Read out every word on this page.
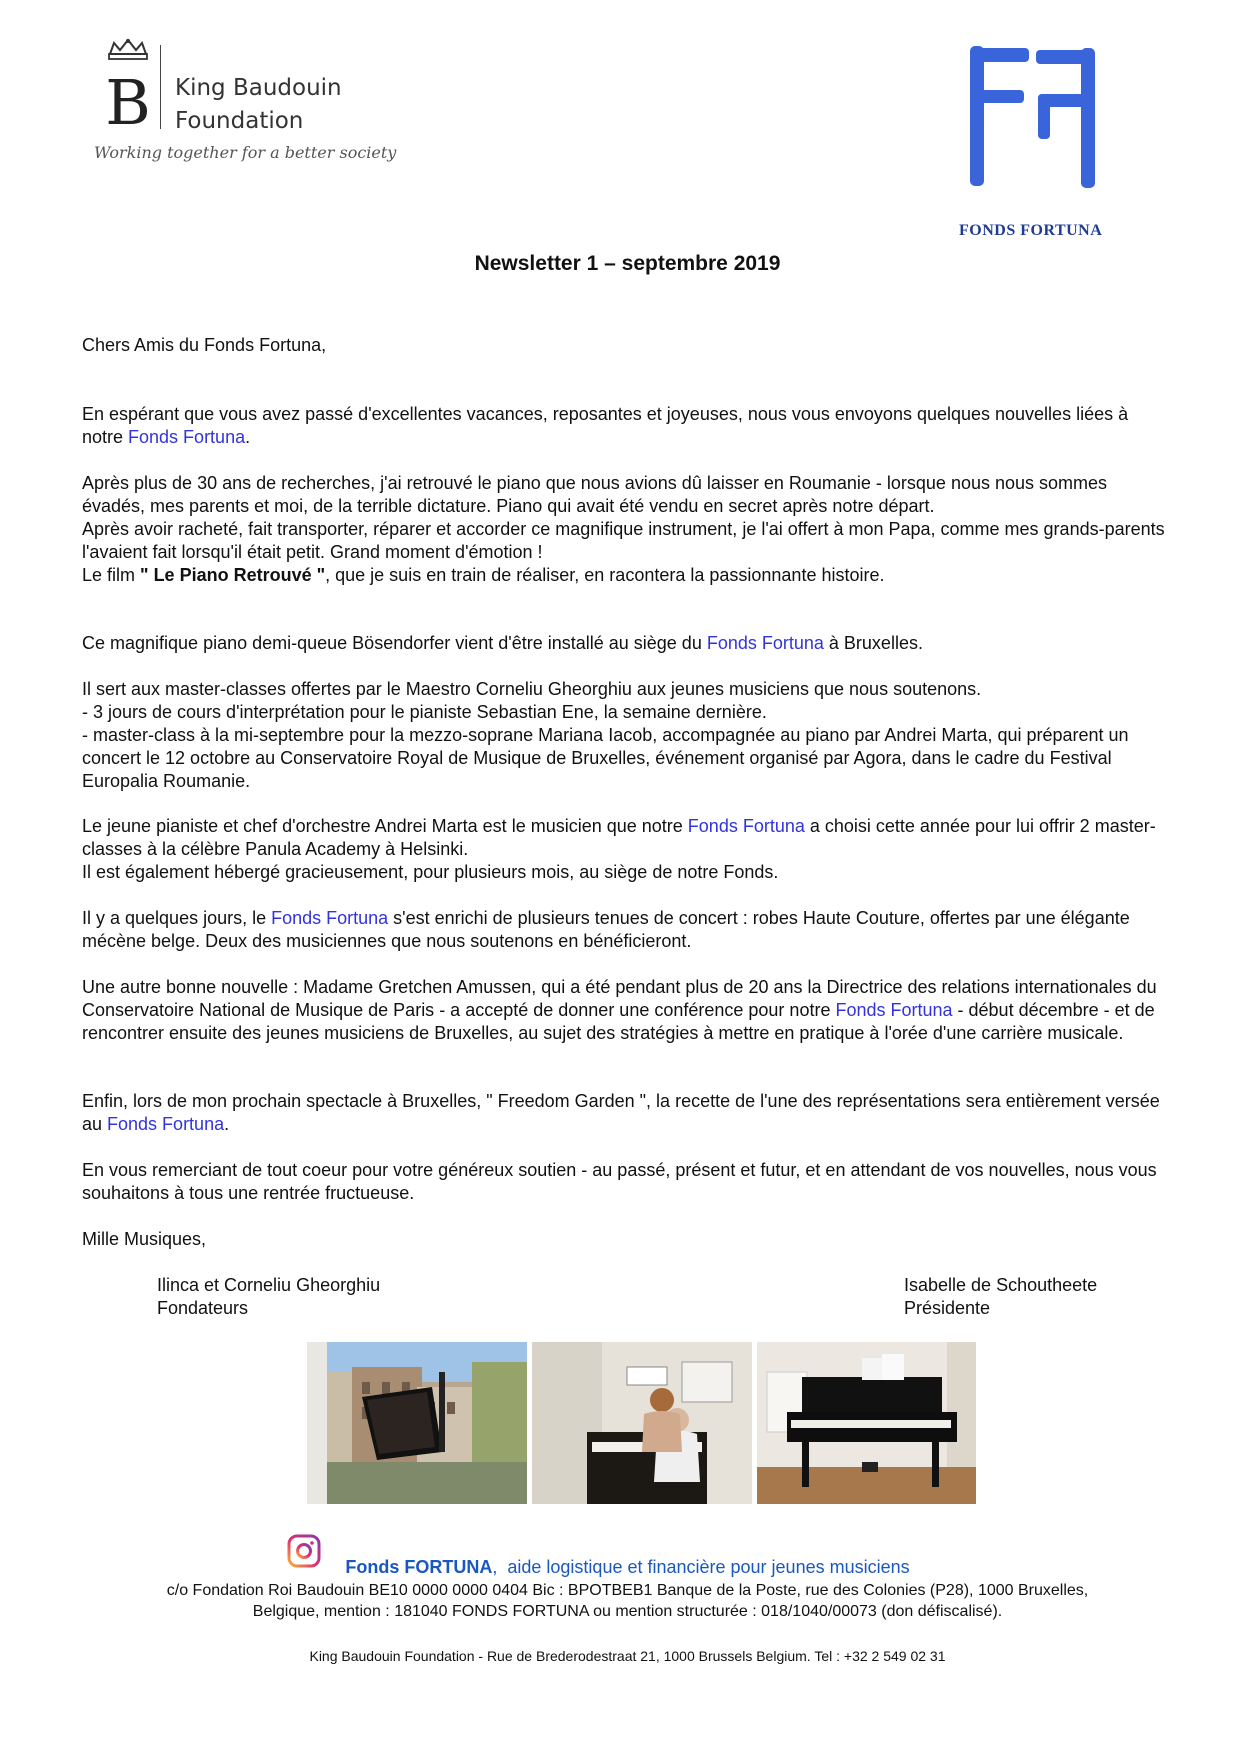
B King Baudouin
Foundation
Working together for a better society
FONDS FORTUNA
Newsletter 1 – septembre 2019
Chers Amis du Fonds Fortuna,
En espérant que vous avez passé d'excellentes vacances, reposantes et joyeuses, nous vous envoyons quelques nouvelles liées à notre Fonds Fortuna.
Après plus de 30 ans de recherches, j'ai retrouvé le piano que nous avions dû laisser en Roumanie - lorsque nous nous sommes évadés, mes parents et moi, de la terrible dictature. Piano qui avait été vendu en secret après notre départ.
Après avoir racheté, fait transporter, réparer et accorder ce magnifique instrument, je l'ai offert à mon Papa, comme mes grands-parents l'avaient fait lorsqu'il était petit. Grand moment d'émotion !
Le film " Le Piano Retrouvé ", que je suis en train de réaliser, en racontera la passionnante histoire.
Ce magnifique piano demi-queue Bösendorfer vient d'être installé au siège du Fonds Fortuna à Bruxelles.
Il sert aux master-classes offertes par le Maestro Corneliu Gheorghiu aux jeunes musiciens que nous soutenons.
- 3 jours de cours d'interprétation pour le pianiste Sebastian Ene, la semaine dernière.
- master-class à la mi-septembre pour la mezzo-soprane Mariana Iacob, accompagnée au piano par Andrei Marta, qui préparent un concert le 12 octobre au Conservatoire Royal de Musique de Bruxelles, événement organisé par Agora, dans le cadre du Festival Europalia Roumanie.
Le jeune pianiste et chef d'orchestre Andrei Marta est le musicien que notre Fonds Fortuna a choisi cette année pour lui offrir 2 master-classes à la célèbre Panula Academy à Helsinki.
Il est également hébergé gracieusement, pour plusieurs mois, au siège de notre Fonds.
Il y a quelques jours, le Fonds Fortuna s'est enrichi de plusieurs tenues de concert : robes Haute Couture, offertes par une élégante mécène belge. Deux des musiciennes que nous soutenons en bénéficieront.
Une autre bonne nouvelle : Madame Gretchen Amussen, qui a été pendant plus de 20 ans la Directrice des relations internationales du Conservatoire National de Musique de Paris - a accepté de donner une conférence pour notre Fonds Fortuna - début décembre - et de rencontrer ensuite des jeunes musiciens de Bruxelles, au sujet des stratégies à mettre en pratique à l'orée d'une carrière musicale.
Enfin, lors de mon prochain spectacle à Bruxelles, " Freedom Garden ", la recette de l'une des représentations sera entièrement versée au Fonds Fortuna.
En vous remerciant de tout coeur pour votre généreux soutien - au passé, présent et futur, et en attendant de vos nouvelles, nous vous souhaitons à tous une rentrée fructueuse.
Mille Musiques,
Ilinca et Corneliu Gheorghiu
Fondateurs
Isabelle de Schoutheete
Présidente
Fonds FORTUNA, aide logistique et financière pour jeunes musiciens
c/o Fondation Roi Baudouin BE10 0000 0000 0404 Bic : BPOTBEB1 Banque de la Poste, rue des Colonies (P28), 1000 Bruxelles,
Belgique, mention : 181040 FONDS FORTUNA ou mention structurée : 018/1040/00073 (don défiscalisé).
King Baudouin Foundation - Rue de Brederodestraat 21, 1000 Brussels Belgium. Tel : +32 2 549 02 31
